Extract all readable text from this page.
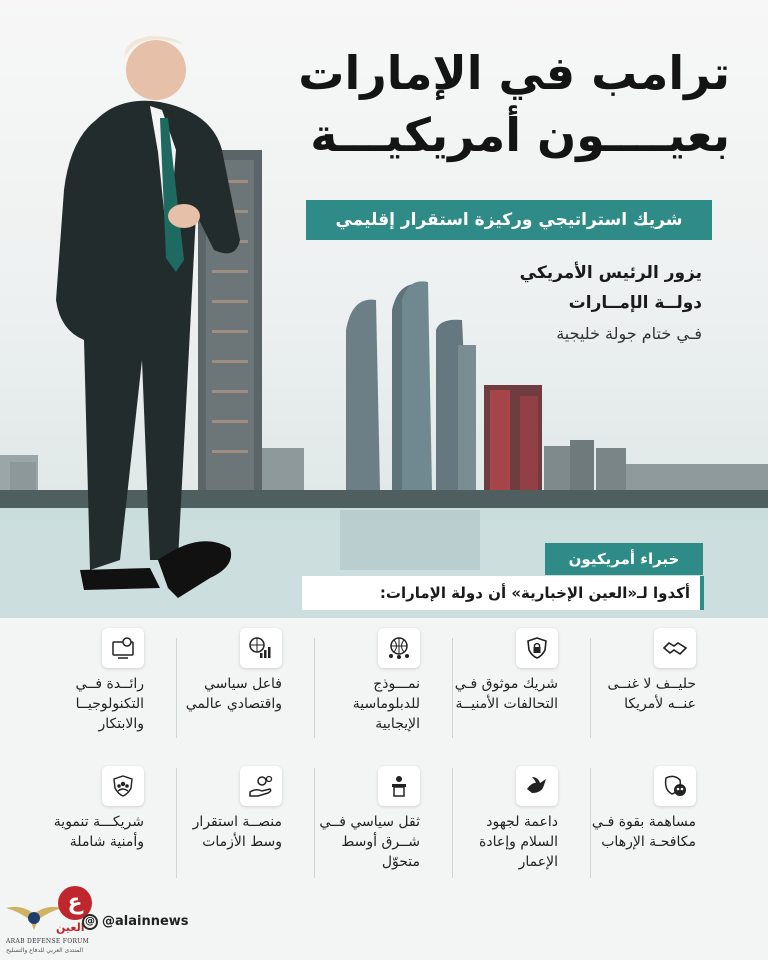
ترامب في الإمارات
بعيــــون أمريكيـــة
شريك استراتيجي وركيزة استقرار إقليمي
يزور الرئيس الأمريكي
دولــة الإمــارات
فـي ختام جولة خليجية
خبراء أمريكيون
أكدوا لـ«العين الإخبارية» أن دولة الإمارات:
حليــف لا غنــى عنــه لأمريكا
شريك موثوق فـي التحالفات الأمنيــة
نمـــوذج للدبلوماسية الإيجابية
فاعل سياسي واقتصادي عالمي
رائــدة فــي التكنولوجيــا والابتكار
مساهمة بقوة فـي مكافحـة الإرهاب
داعمة لجهود السلام وإعادة الإعمار
ثقل سياسي فــي شــرق أوسط متحوّل
منصــة استقرار وسط الأزمات
شريكـــة تنموية وأمنية شاملة
ARAB DEFENSE FORUM
المنتدى العربي للدفاع والتسليح
ع
العين @ @alainnews
